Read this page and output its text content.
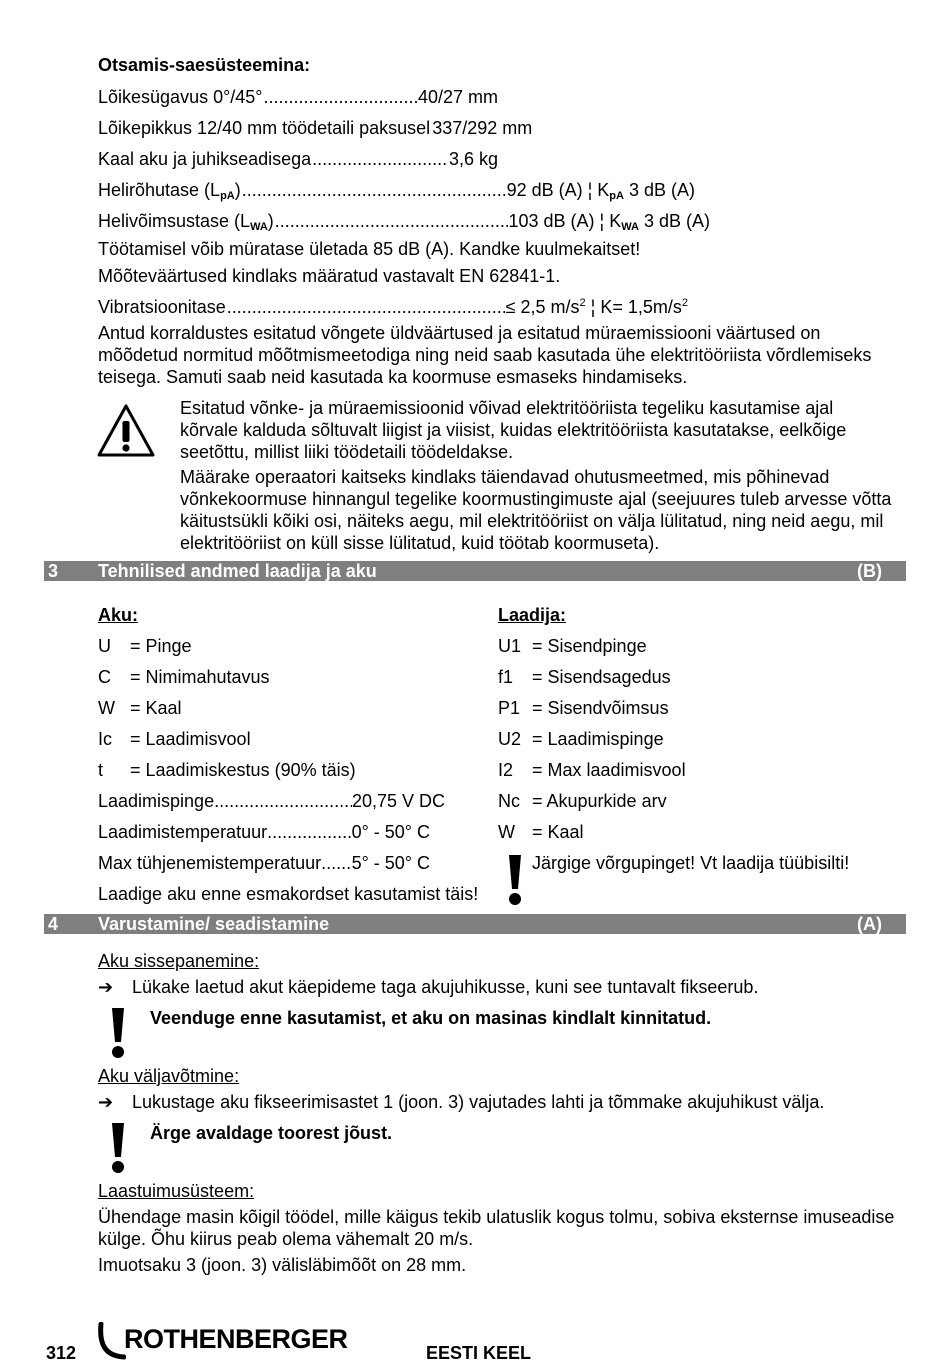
Otsamis-saesüsteemina:
Lõikesügavus 0°/45° .....	40/27 mm
Lõikepikkus 12/40 mm töödetaili paksusel 337/292 mm
Kaal aku ja juhikseadisega .....	3,6 kg
Helirõhutase $(L_{pA})$ .....	92 dB (A) ¦ $K_{pA}$ 3 dB (A)
Helivõimsustase $(L_{WA})$ .....	103 dB (A) ¦ $K_{WA}$ 3 dB (A)
Töötamisel võib müratase ületada 85 dB (A). Kandke kuulmekaitset!
Mõõteväärtused kindlaks määratud vastavalt EN 62841-1.
Vibratsioonitase .....	≤ 2,5 $m/s^2$ ¦ $K= 1,5m/s^2$
Antud korraldustes esitatud võngete üldväärtused ja esitatud müraemissiooni väärtused on mõõdetud normitud mõõtmismeetodiga ning neid saab kasutada ühe elektritööriista võrdlemiseks teisega. Samuti saab neid kasutada ka koormuse esmaseks hindamiseks.
Esitatud võnke- ja müraemissioonid võivad elektritööriista tegeliku kasutamise ajal kõrvale kalduda sõltuvalt liigist ja viisist, kuidas elektritööriista kasutatakse, eelkõige seetõttu, millist liiki töödetaili töödeldakse.
Määrake operaatori kaitseks kindlaks täiendavad ohutusmeetmed, mis põhinevad võnkekoormuse hinnangul tegelike koormustingimuste ajal (seejuures tuleb arvesse võtta käitustsükli kõiki osi, näiteks aegu, mil elektritööriist on välja lülitatud, ning neid aegu, mil elektritööriist on küll sisse lülitatud, kuid töötab koormuseta).
3 Tehnilised andmed laadija ja aku	(B)
Aku:
U = Pinge
C = Nimimahutavus
W = Kaal
Ic = Laadimisvool
t = Laadimiskestus (90% täis)
Laadimispinge .....	20,75 V DC
Laadimistemperatuur .....	0° - 50° C
Max tühjenemistemperatuur ..... 5° - 50° C
Laadige aku enne esmakordset kasutamist täis!
Laadija:
U1 = Sisendpinge
f1 = Sisendsagedus
P1 = Sisendvõimsus
U2 = Laadimispinge
I2 = Max laadimisvool
Nc = Akupurkide arv
W = Kaal
Järgige võrgupinget! Vt laadija tüübisilti!
4 Varustamine/ seadistamine	(A)
Aku sissepanemine:
➔ Lükake laetud akut käepideme taga akujuhikusse, kuni see tuntavalt fikseerub.
Veenduge enne kasutamist, et aku on masinas kindlalt kinnitatud.
Aku väljavõtmine:
➔ Lukustage aku fikseerimisastet 1 (joon. 3) vajutades lahti ja tõmmake akujuhikust välja.
Ärge avaldage toorest jõust.
Laastuimusüsteem:
Ühendage masin kõigil töödel, mille käigus tekib ulatuslik kogus tolmu, sobiva eksternse imuseadise külge. Õhu kiirus peab olema vähemalt 20 m/s.
Imuotsaku 3 (joon. 3) välisläbimõõt on 28 mm.
312 ROTHENBERGER	EESTI KEEL
